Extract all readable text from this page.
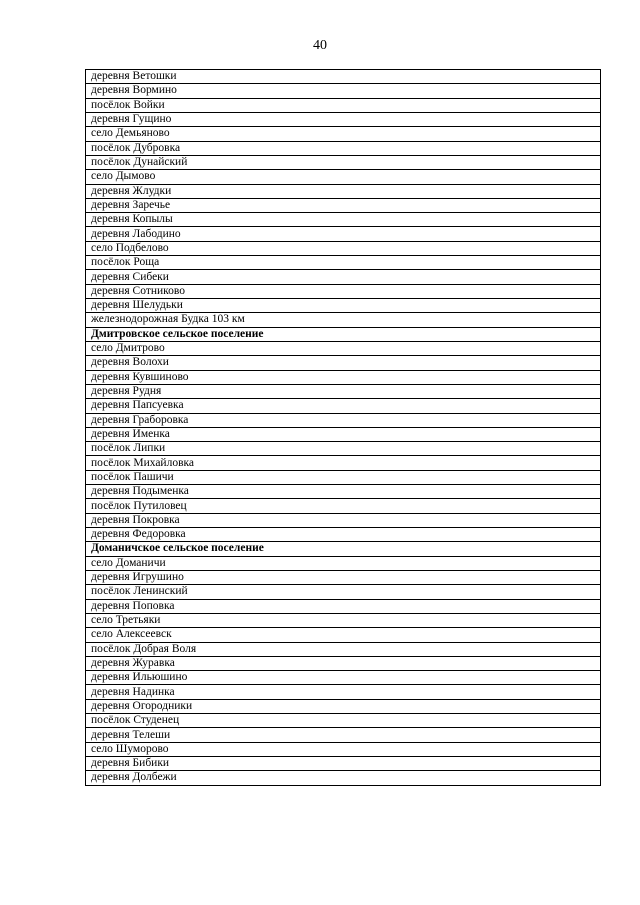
40
деревня Ветошки
деревня Вормино
посёлок Войки
деревня Гущино
село Демьяново
посёлок Дубровка
посёлок Дунайский
село Дымово
деревня Жлудки
деревня Заречье
деревня Копылы
деревня Лабодино
село Подбелово
посёлок Роща
деревня Сибеки
деревня Сотниково
деревня Шелудьки
железнодорожная Будка 103 км
Дмитровское сельское поселение
село Дмитрово
деревня Волохи
деревня Кувшиново
деревня Рудня
деревня Папсуевка
деревня Граборовка
деревня Именка
посёлок Липки
посёлок Михайловка
посёлок Пашичи
деревня Подыменка
посёлок Путиловец
деревня Покровка
деревня Федоровка
Доманичское сельское поселение
село Доманичи
деревня Игрушино
посёлок Ленинский
деревня Поповка
село Третьяки
село Алексеевск
посёлок Добрая Воля
деревня Журавка
деревня Ильюшино
деревня Надинка
деревня Огородники
посёлок Студенец
деревня Телеши
село Шуморово
деревня Бибики
деревня Долбежи
